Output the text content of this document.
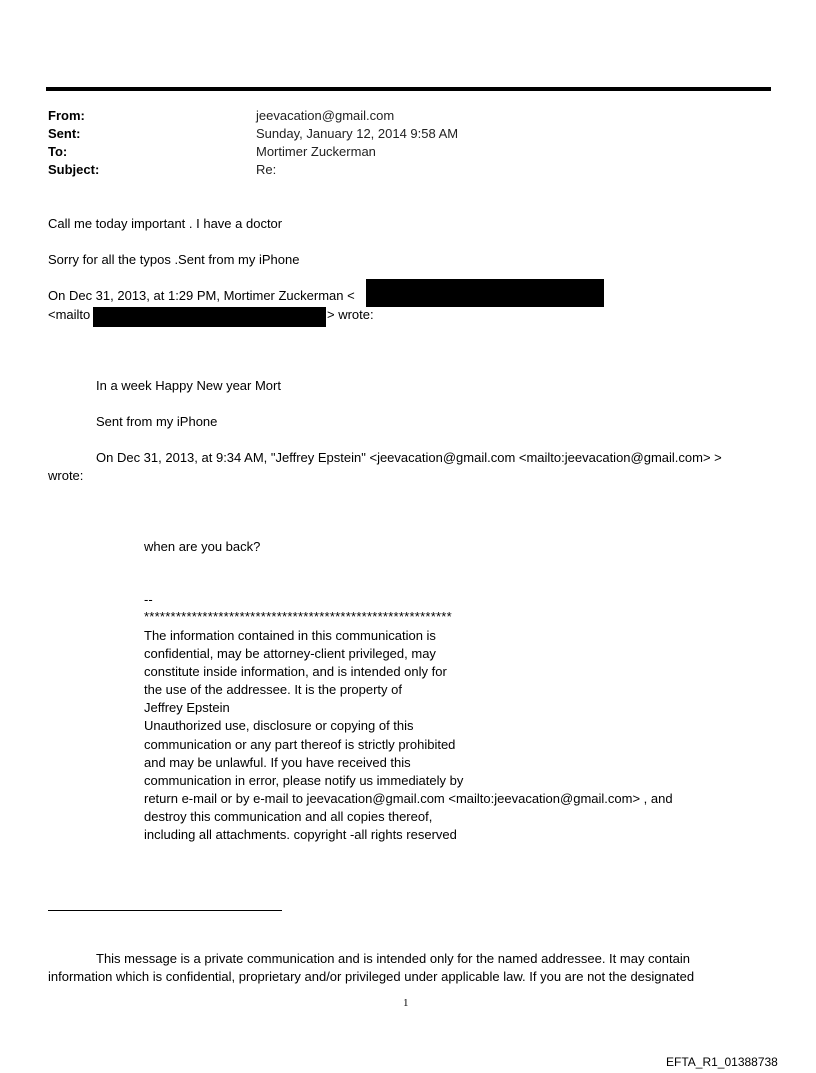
From:	jeevacation@gmail.com
Sent:	Sunday, January 12, 2014 9:58 AM
To:	Mortimer Zuckerman
Subject:	Re:
Call me today important . I have a doctor
Sorry for all the typos .Sent from my iPhone
On Dec 31, 2013, at 1:29 PM, Mortimer Zuckerman <
<mailto	> wrote:
In a week Happy New year Mort
Sent from my iPhone
On Dec 31, 2013, at 9:34 AM, "Jeffrey Epstein" <jeevacation@gmail.com <mailto:jeevacation@gmail.com> >
wrote:
when are you back?
--
**********************************************************
The information contained in this communication is
confidential, may be attorney-client privileged, may
constitute inside information, and is intended only for
the use of the addressee. It is the property of
Jeffrey Epstein
Unauthorized use, disclosure or copying of this
communication or any part thereof is strictly prohibited
and may be unlawful. If you have received this
communication in error, please notify us immediately by
return e-mail or by e-mail to jeevacation@gmail.com <mailto:jeevacation@gmail.com> , and
destroy this communication and all copies thereof,
including all attachments. copyright -all rights reserved
This message is a private communication and is intended only for the named addressee. It may contain
information which is confidential, proprietary and/or privileged under applicable law. If you are not the designated
1
EFTA_R1_01388738
